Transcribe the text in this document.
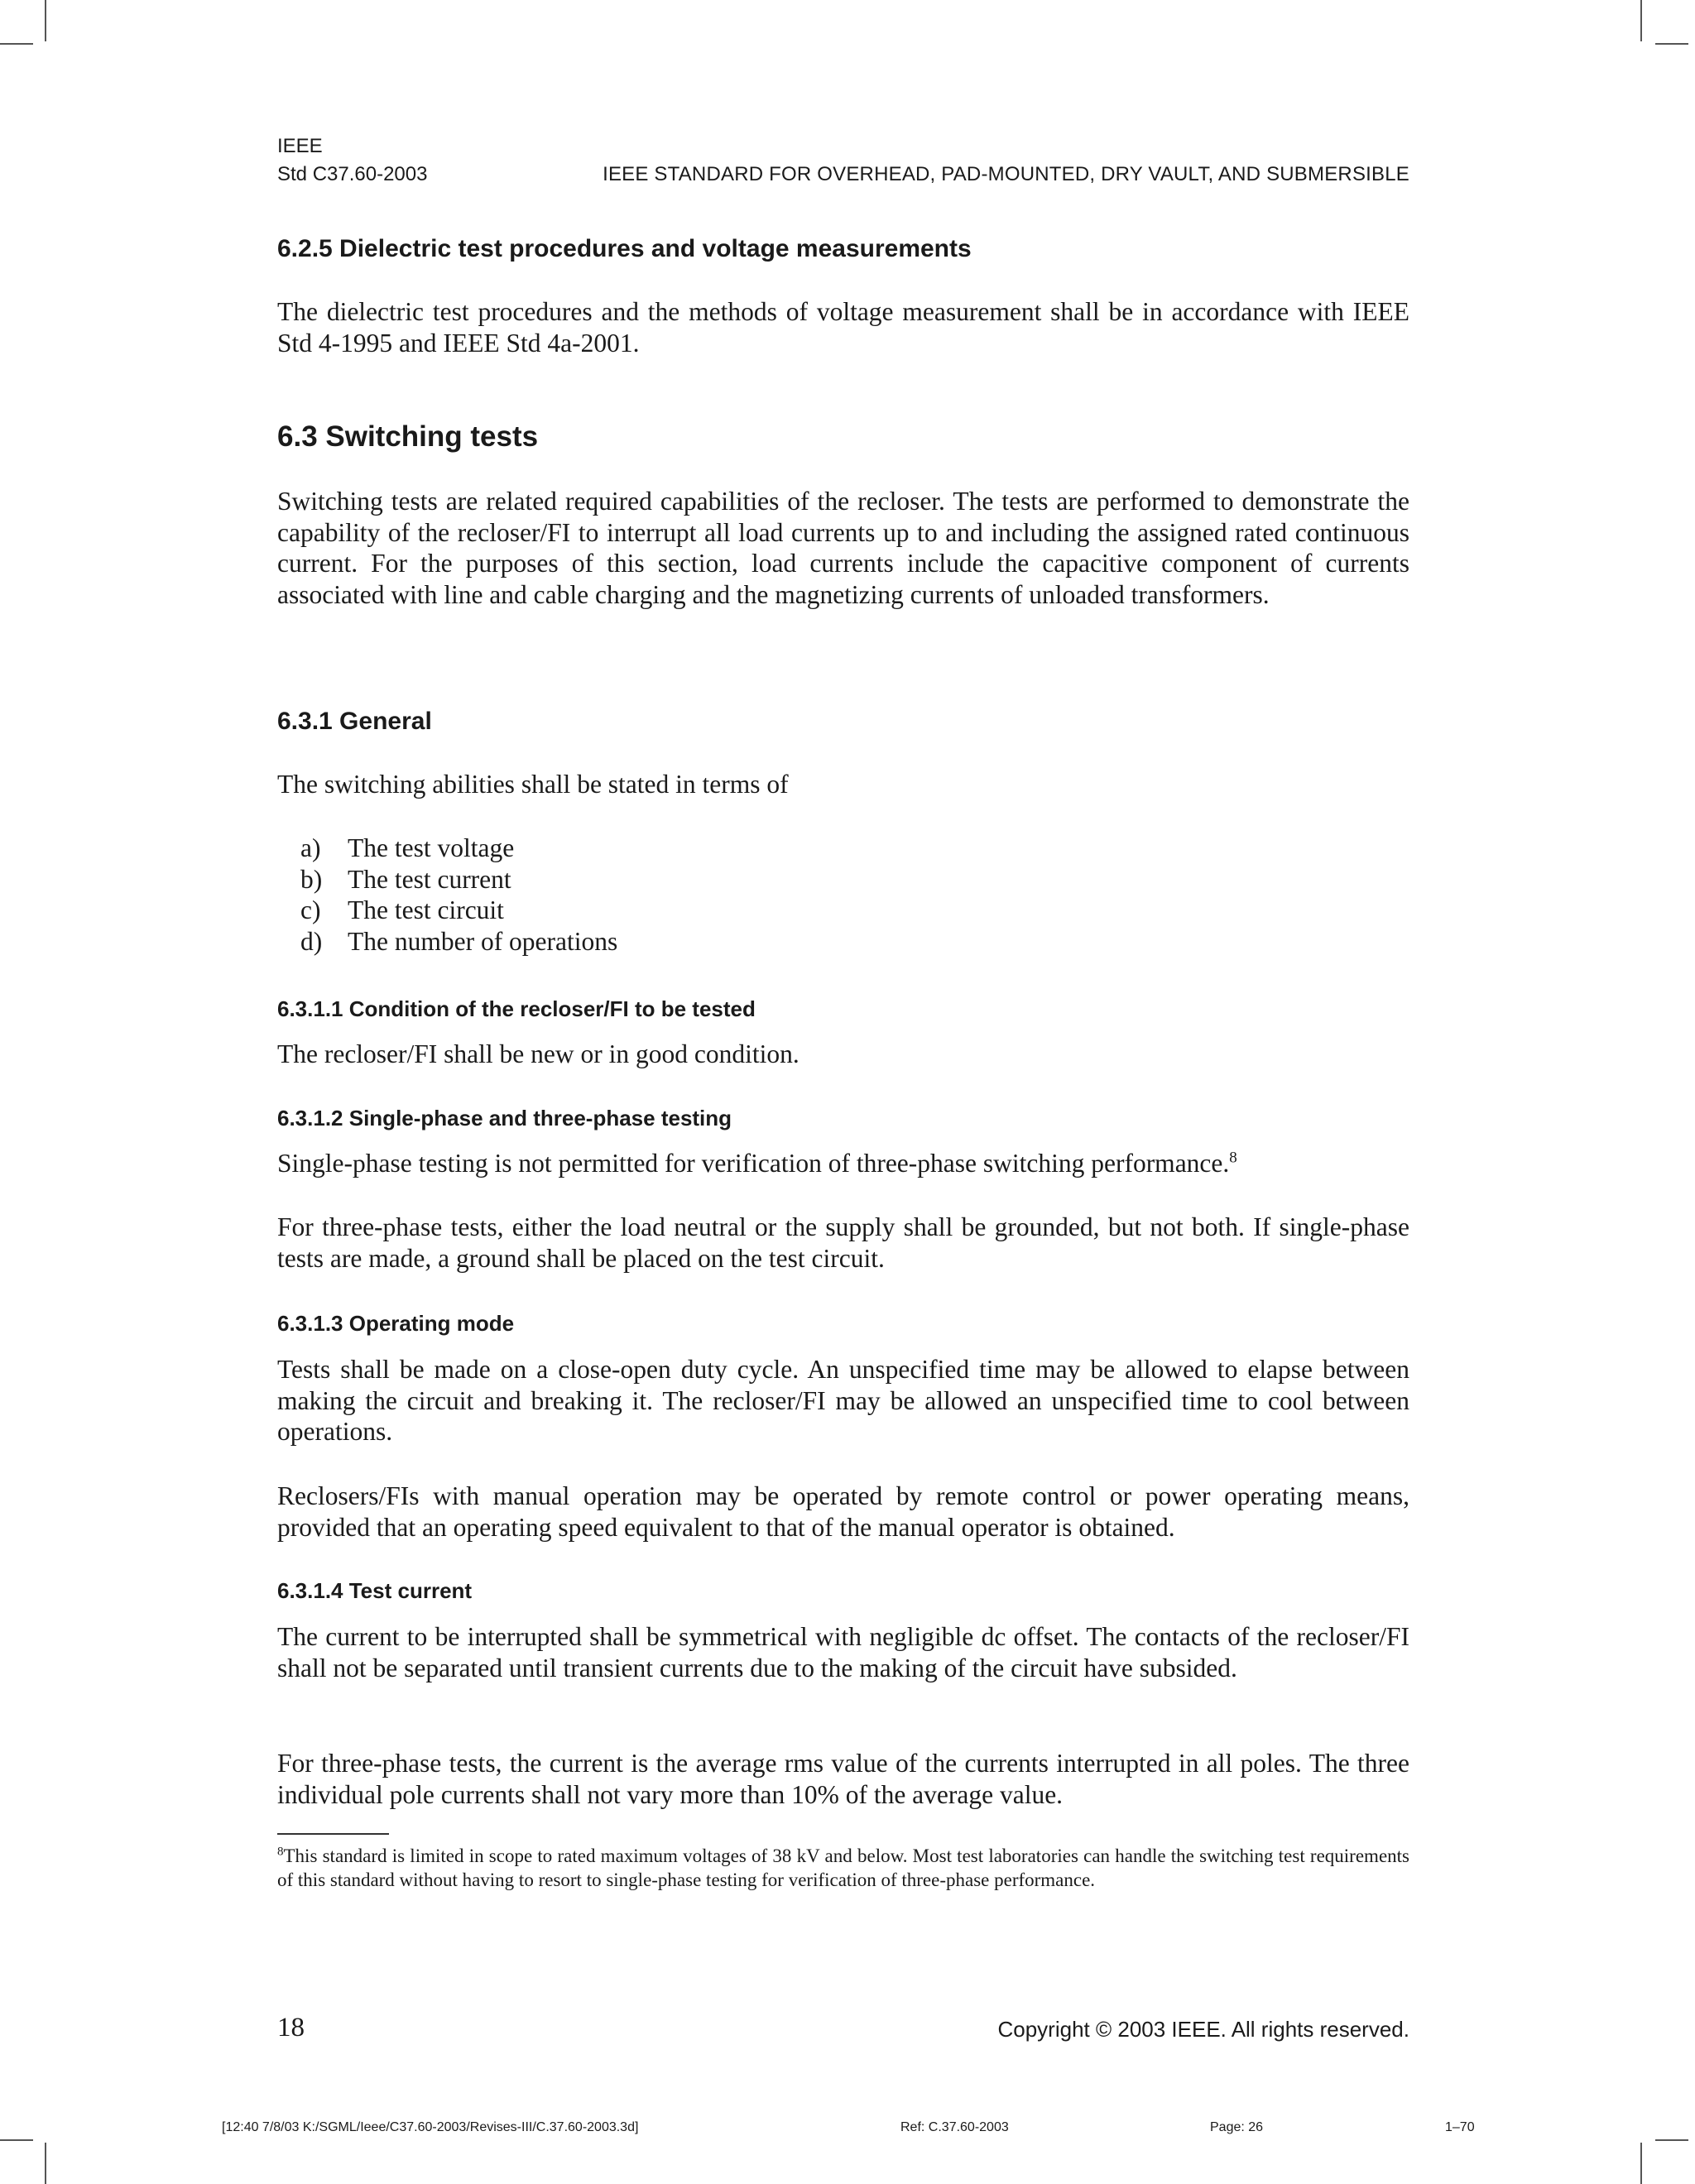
IEEE
Std C37.60-2003	IEEE STANDARD FOR OVERHEAD, PAD-MOUNTED, DRY VAULT, AND SUBMERSIBLE
6.2.5 Dielectric test procedures and voltage measurements
The dielectric test procedures and the methods of voltage measurement shall be in accordance with IEEE Std 4-1995 and IEEE Std 4a-2001.
6.3 Switching tests
Switching tests are related required capabilities of the recloser. The tests are performed to demonstrate the capability of the recloser/FI to interrupt all load currents up to and including the assigned rated continuous current. For the purposes of this section, load currents include the capacitive component of currents associated with line and cable charging and the magnetizing currents of unloaded transformers.
6.3.1 General
The switching abilities shall be stated in terms of
a) The test voltage
b) The test current
c) The test circuit
d) The number of operations
6.3.1.1 Condition of the recloser/FI to be tested
The recloser/FI shall be new or in good condition.
6.3.1.2 Single-phase and three-phase testing
Single-phase testing is not permitted for verification of three-phase switching performance.$^8$
For three-phase tests, either the load neutral or the supply shall be grounded, but not both. If single-phase tests are made, a ground shall be placed on the test circuit.
6.3.1.3 Operating mode
Tests shall be made on a close-open duty cycle. An unspecified time may be allowed to elapse between making the circuit and breaking it. The recloser/FI may be allowed an unspecified time to cool between operations.
Reclosers/FIs with manual operation may be operated by remote control or power operating means, provided that an operating speed equivalent to that of the manual operator is obtained.
6.3.1.4 Test current
The current to be interrupted shall be symmetrical with negligible dc offset. The contacts of the recloser/FI shall not be separated until transient currents due to the making of the circuit have subsided.
For three-phase tests, the current is the average rms value of the currents interrupted in all poles. The three individual pole currents shall not vary more than 10% of the average value.
$^8$This standard is limited in scope to rated maximum voltages of 38 kV and below. Most test laboratories can handle the switching test requirements of this standard without having to resort to single-phase testing for verification of three-phase performance.
18	Copyright © 2003 IEEE. All rights reserved.
[12:40 7/8/03 K:/SGML/Ieee/C37.60-2003/Revises-III/C.37.60-2003.3d]	Ref: C.37.60-2003	Page: 26	1–70
